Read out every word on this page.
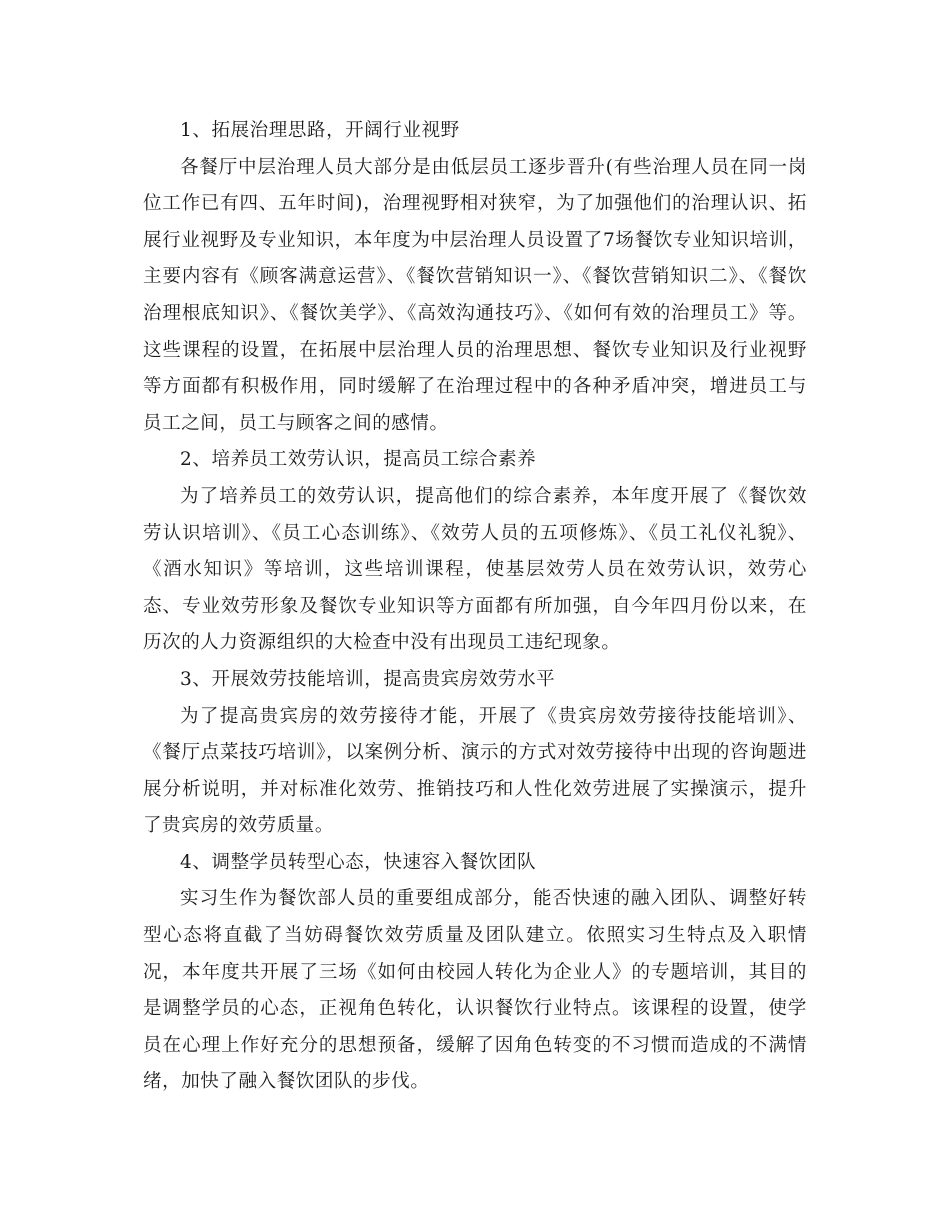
1、拓展治理思路，开阔行业视野

各餐厅中层治理人员大部分是由低层员工逐步晋升(有些治理人员在同一岗位工作已有四、五年时间)，治理视野相对狭窄，为了加强他们的治理认识、拓展行业视野及专业知识，本年度为中层治理人员设置了7场餐饮专业知识培训，主要内容有《顾客满意运营》、《餐饮营销知识一》、《餐饮营销知识二》、《餐饮治理根底知识》、《餐饮美学》、《高效沟通技巧》、《如何有效的治理员工》等。这些课程的设置，在拓展中层治理人员的治理思想、餐饮专业知识及行业视野等方面都有积极作用，同时缓解了在治理过程中的各种矛盾冲突，增进员工与员工之间，员工与顾客之间的感情。

2、培养员工效劳认识，提高员工综合素养

为了培养员工的效劳认识，提高他们的综合素养，本年度开展了《餐饮效劳认识培训》、《员工心态训练》、《效劳人员的五项修炼》、《员工礼仪礼貌》、《酒水知识》等培训，这些培训课程，使基层效劳人员在效劳认识，效劳心态、专业效劳形象及餐饮专业知识等方面都有所加强，自今年四月份以来，在历次的人力资源组织的大检查中没有出现员工违纪现象。

3、开展效劳技能培训，提高贵宾房效劳水平

为了提高贵宾房的效劳接待才能，开展了《贵宾房效劳接待技能培训》、《餐厅点菜技巧培训》，以案例分析、演示的方式对效劳接待中出现的咨询题进展分析说明，并对标准化效劳、推销技巧和人性化效劳进展了实操演示，提升了贵宾房的效劳质量。

4、调整学员转型心态，快速容入餐饮团队

实习生作为餐饮部人员的重要组成部分，能否快速的融入团队、调整好转型心态将直截了当妨碍餐饮效劳质量及团队建立。依照实习生特点及入职情况，本年度共开展了三场《如何由校园人转化为企业人》的专题培训，其目的是调整学员的心态，正视角色转化，认识餐饮行业特点。该课程的设置，使学员在心理上作好充分的思想预备，缓解了因角色转变的不习惯而造成的不满情绪，加快了融入餐饮团队的步伐。
